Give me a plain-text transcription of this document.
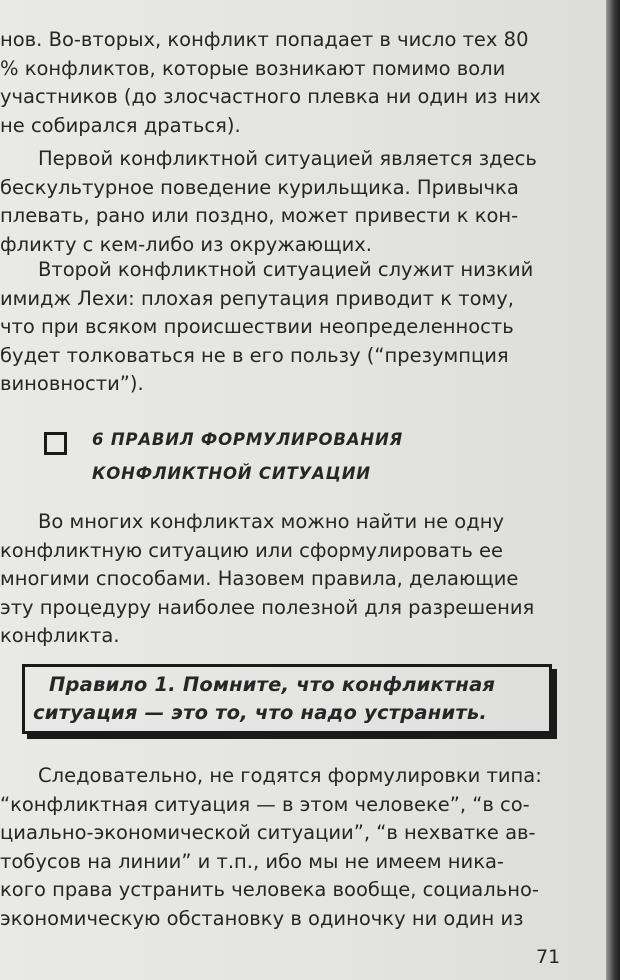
нов. Во-вторых, конфликт попадает в число тех 80
% конфликтов, которые возникают помимо воли
участников (до злосчастного плевка ни один из них
не собирался драться).
Первой конфликтной ситуацией является здесь
бескультурное поведение курильщика. Привычка
плевать, рано или поздно, может привести к кон-
фликту с кем-либо из окружающих.
Второй конфликтной ситуацией служит низкий
имидж Лехи: плохая репутация приводит к тому,
что при всяком происшествии неопределенность
будет толковаться не в его пользу (“презумпция
виновности”).
6 ПРАВИЛ ФОРМУЛИРОВАНИЯ
КОНФЛИКТНОЙ СИТУАЦИИ
Во многих конфликтах можно найти не одну
конфликтную ситуацию или сформулировать ее
многими способами. Назовем правила, делающие
эту процедуру наиболее полезной для разрешения
конфликта.
Правило 1. Помните, что конфликтная
ситуация — это то, что надо устранить.
Следовательно, не годятся формулировки типа:
“конфликтная ситуация — в этом человеке”, “в со-
циально-экономической ситуации”, “в нехватке ав-
тобусов на линии” и т.п., ибо мы не имеем ника-
кого права устранить человека вообще, социально-
экономическую обстановку в одиночку ни один из
71
